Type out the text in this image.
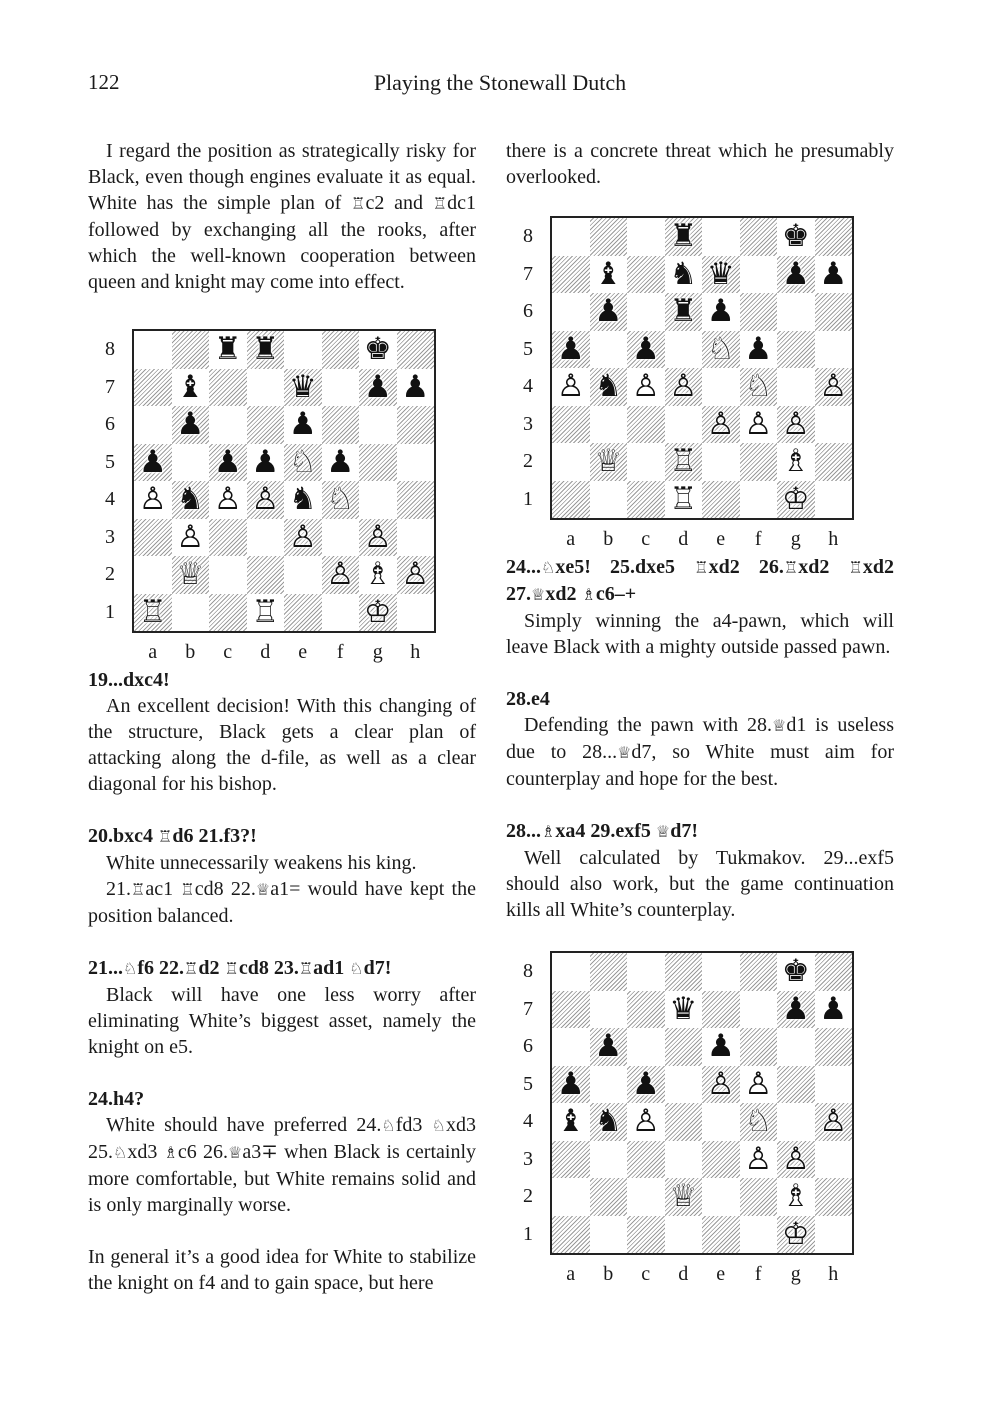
122	Playing the Stonewall Dutch

I regard the position as strategically risky for Black, even though engines evaluate it as equal. White has the simple plan of ♖c2 and ♖dc1 followed by exchanging all the rooks, after which the well-known cooperation between queen and knight may come into effect.

8
7
6
5
4
3
2
1
♜ ♜	♚
♝	♛ ♟ ♟
♟	♟
♟ ♟ ♟ ♘ ♟
♙ ♞ ♙ ♙ ♞ ♘
♙	♙ ♙
♕	♙ ♗ ♙
♖	♖	♔
a	b	c	d	e	f	g	h

19...dxc4!

An excellent decision! With this changing of the structure, Black gets a clear plan of attacking along the d-file, as well as a clear diagonal for his bishop.

20.bxc4 ♖d6 21.f3?!

White unnecessarily weakens his king.

21.♖ac1 ♖cd8 22.♕a1= would have kept the position balanced.

21...♘f6 22.♖d2 ♖cd8 23.♖ad1 ♘d7!

Black will have one less worry after eliminating White’s biggest asset, namely the knight on e5.

24.h4?

White should have preferred 24.♘fd3 ♘xd3 25.♘xd3 ♗c6 26.♕a3∓ when Black is certainly more comfortable, but White remains solid and is only marginally worse.

In general it’s a good idea for White to stabilize the knight on f4 and to gain space, but here

there is a concrete threat which he presumably overlooked.

8
7
6
5
4
3
2
1
♜	♚
♝ ♞ ♛ ♟ ♟
♟ ♜ ♟
♟ ♟ ♘ ♟
♙ ♞ ♙ ♙ ♘ ♙
♙ ♙ ♙
♕ ♖	♗
♖	♔
a	b	c	d	e	f	g	h

24...♘xe5! 25.dxe5 ♖xd2 26.♖xd2 ♖xd2 27.♕xd2 ♗c6–+

Simply winning the a4-pawn, which will leave Black with a mighty outside passed pawn.

28.e4

Defending the pawn with 28.♕d1 is useless due to 28...♕d7, so White must aim for counterplay and hope for the best.

28...♗xa4 29.exf5 ♕d7!

Well calculated by Tukmakov. 29...exf5 should also work, but the game continuation kills all White’s counterplay.

8
7
6
5
4
3
2
1
♚
♛	♟ ♟
♟	♟
♟ ♟ ♙ ♙
♝ ♞ ♙	♘ ♙
♙ ♙
♕	♗
♔
a	b	c	d	e	f	g	h
